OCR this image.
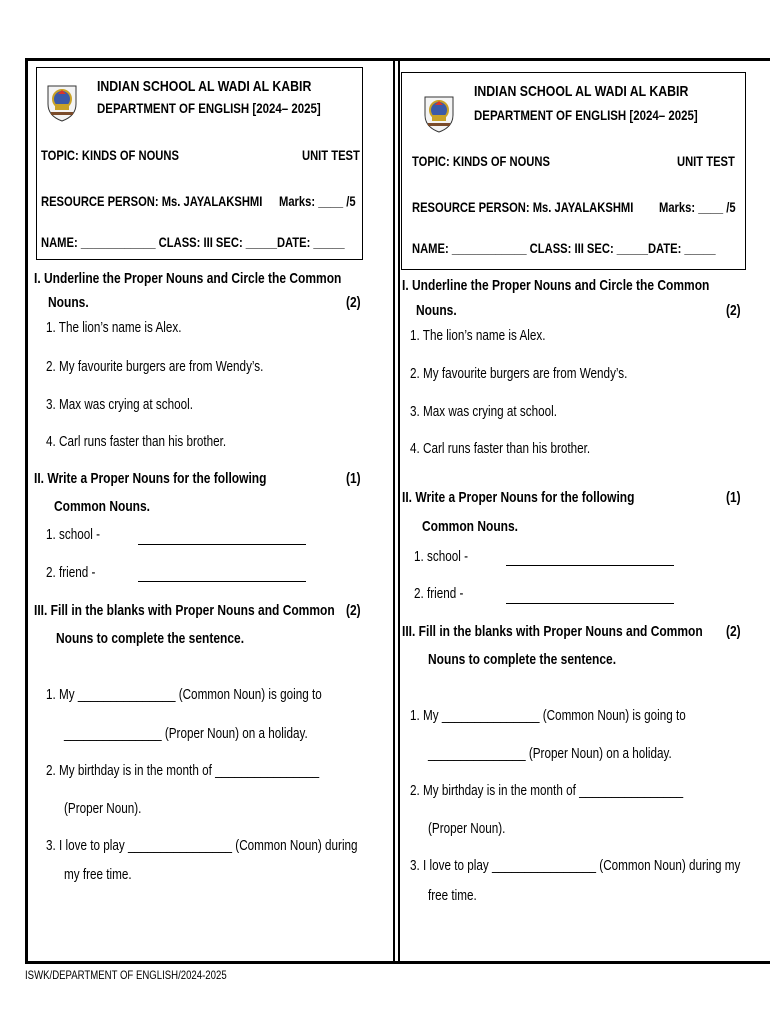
INDIAN SCHOOL AL WADI AL KABIR
DEPARTMENT OF ENGLISH [2024– 2025]
TOPIC: KINDS OF NOUNS	UNIT TEST
RESOURCE PERSON: Ms. JAYALAKSHMI Marks: ____ /5
NAME: ____________ CLASS: III SEC: _____DATE: _____
I. Underline the Proper Nouns and Circle the Common
Nouns.	(2)
1. The lion’s name is Alex.
2. My favourite burgers are from Wendy’s.
3. Max was crying at school.
4. Carl runs faster than his brother.
II. Write a Proper Nouns for the following	(1)
Common Nouns.
1. school -
2. friend -
III. Fill in the blanks with Proper Nouns and Common (2)
Nouns to complete the sentence.
1. My _______________ (Common Noun) is going to
_______________ (Proper Noun) on a holiday.
2. My birthday is in the month of ________________
(Proper Noun).
3. I love to play ________________ (Common Noun) during
my free time.
INDIAN SCHOOL AL WADI AL KABIR
DEPARTMENT OF ENGLISH [2024– 2025]
TOPIC: KINDS OF NOUNS	UNIT TEST
RESOURCE PERSON: Ms. JAYALAKSHMI Marks: ____ /5
NAME: ____________ CLASS: III SEC: _____DATE: _____
I. Underline the Proper Nouns and Circle the Common
Nouns.	(2)
1. The lion’s name is Alex.
2. My favourite burgers are from Wendy’s.
3. Max was crying at school.
4. Carl runs faster than his brother.
II. Write a Proper Nouns for the following	(1)
Common Nouns.
1. school -
2. friend -
III. Fill in the blanks with Proper Nouns and Common (2)
Nouns to complete the sentence.
1. My _______________ (Common Noun) is going to
_______________ (Proper Noun) on a holiday.
2. My birthday is in the month of ________________
(Proper Noun).
3. I love to play ________________ (Common Noun) during my
free time.
ISWK/DEPARTMENT OF ENGLISH/2024-2025
